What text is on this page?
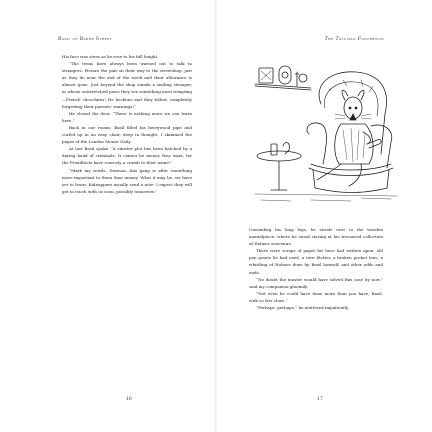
Basil of Baker Street

His face was stern as he rose to his full height.

“The twins have always been warned not to talk to strangers. Picture the pair on their way to the sweetshop, just as they do near the end of the week and their allowance is almost gone. Just beyond the shop stands a smiling stranger, in whose outstretched paws they see something most tempting—French chocolates! He beckons and they follow, completely forgetting their parents’ warnings!”

He closed the door. “There is nothing more we can learn here.”

Back in our rooms, Basil filled his berrywood pipe and curled up in an easy chair, deep in thought. I skimmed the pages of the London Mouse Daily.

At last Basil spoke. “A sinister plot has been hatched by a daring band of criminals. It cannot be money they want, for the Proudfoots have scarcely a crumb to their name!”

“Mark my words, Dawson—this gang is after something more important to them than money. What it may be, we have yet to learn. Kidnappers usually send a note. I expect they will get in touch with us soon, possibly tomorrow.”

16
The Telltale Footprints

Unwinding his long legs, he strode over to the wooden mantelpiece, where he stood staring at his treasured collection of Holmes souvenirs.

There were scraps of paper his hero had written upon, old pen points he had used, a torn blotter, a broken pocket lens, a whittling of Holmes done by Basil himself, and other odds and ends.

“No doubt the master would have solved this case by now,” said my companion gloomily.

“Not even he could have done more than you have, Basil, with so few clues.”

“Perhaps, perhaps,” he muttered impatiently.

17
